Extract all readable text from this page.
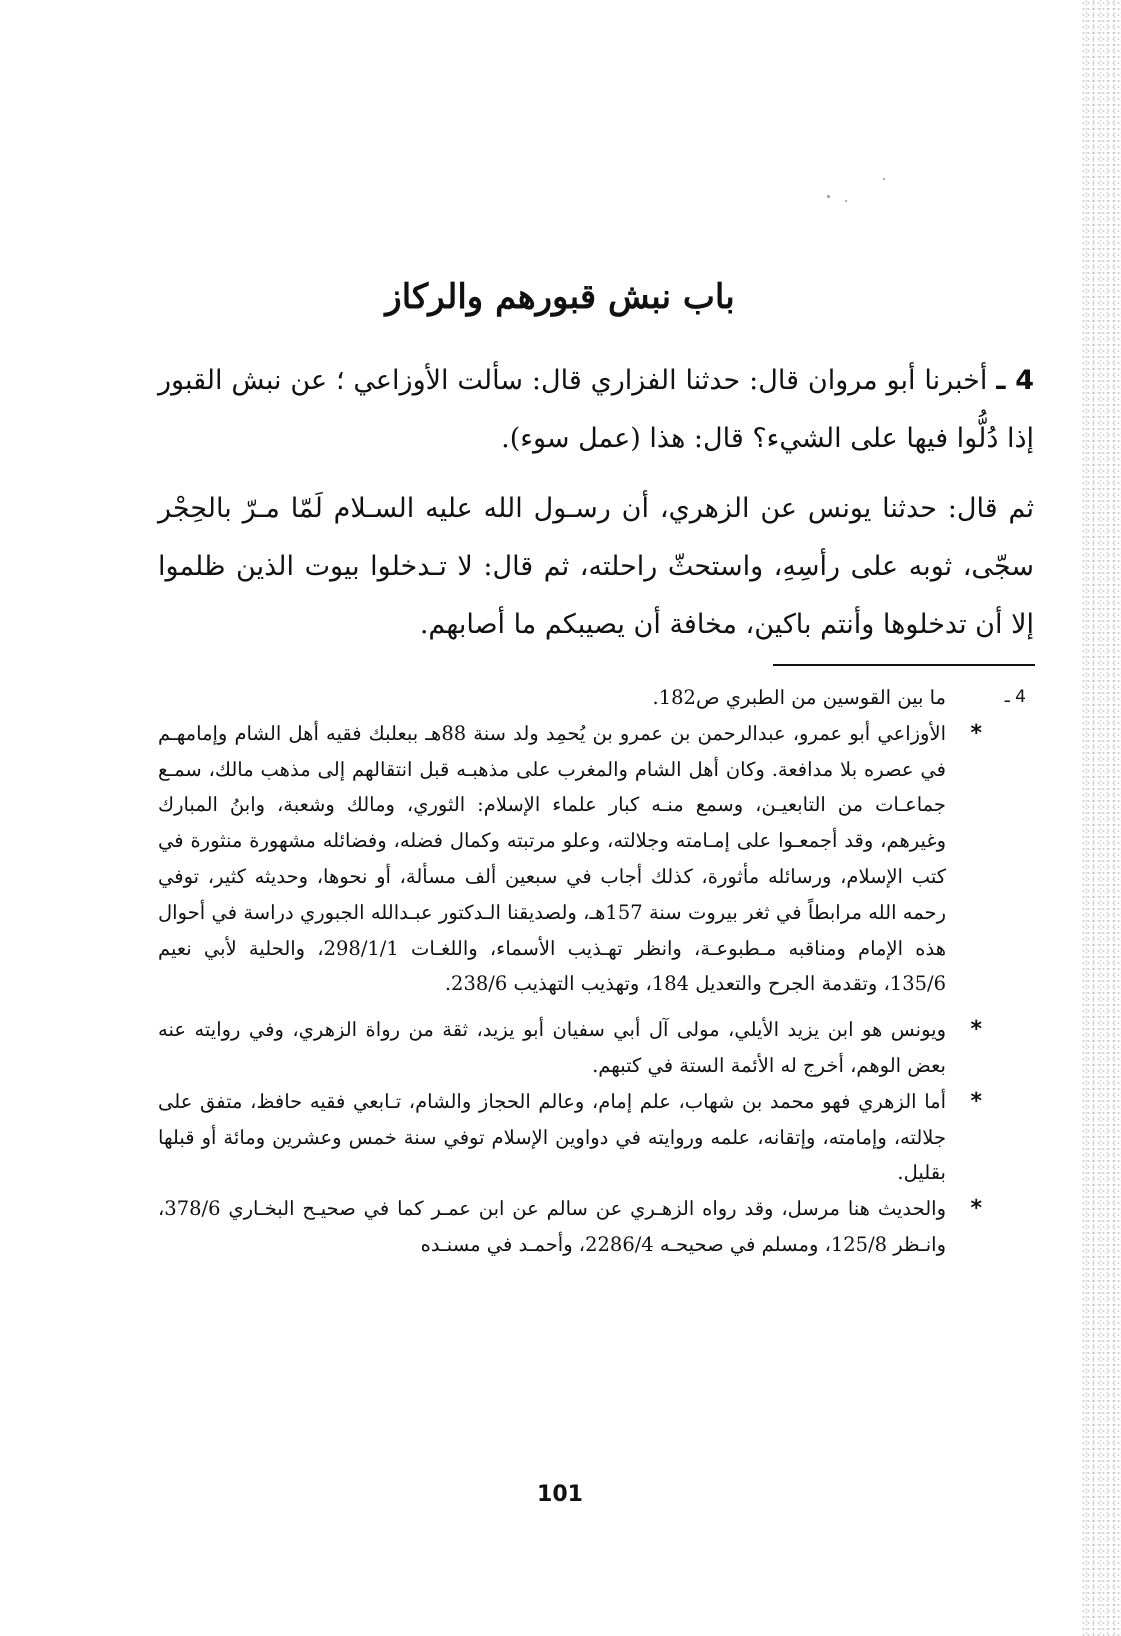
باب نبش قبورهم والركاز

4 ـ أخبرنا أبو مروان قال: حدثنا الفزاري قال: سألت الأوزاعي ؛ عن نبش القبور إذا دُلُّوا فيها على الشيء؟ قال: هذا (عمل سوء).

ثم قال: حدثنا يونس عن الزهري، أن رسـول الله عليه السـلام لَمّا مـرّ بالحِجْر سجّى، ثوبه على رأسِهِ، واستحثّ راحلته، ثم قال: لا تـدخلوا بيوت الذين ظلموا إلا أن تدخلوها وأنتم باكين، مخافة أن يصيبكم ما أصابهم.

4 ـ
ما بين القوسين من الطبري ص182.
*
الأوزاعي أبو عمرو، عبدالرحمن بن عمرو بن يُحمِد ولد سنة 88هـ ببعلبك فقيه أهل الشام وإمامهـم في عصره بلا مدافعة. وكان أهل الشام والمغرب على مذهبـه قبل انتقالهم إلى مذهب مالك، سمـع جماعـات من التابعيـن، وسمع منـه كبار علماء الإسلام: الثوري، ومالك وشعبة، وابنُ المبارك وغيرهم، وقد أجمعـوا على إمـامته وجلالته، وعلو مرتبته وكمال فضله، وفضائله مشهورة منثورة في كتب الإسلام، ورسائله مأثورة، كذلك أجاب في سبعين ألف مسألة، أو نحوها، وحديثه كثير، توفي رحمه الله مرابطاً في ثغر بيروت سنة 157هـ، ولصديقنا الـدكتور عبـدالله الجبوري دراسة في أحوال هذه الإمام ومناقبه مـطبوعـة، وانظر تهـذيب الأسماء، واللغـات 298/1/1، والحلية لأبي نعيم 135/6، وتقدمة الجرح والتعديل 184، وتهذيب التهذيب 238/6.
*
ويونس هو ابن يزيد الأيلي، مولى آل أبي سفيان أبو يزيد، ثقة من رواة الزهري، وفي روايته عنه بعض الوهم، أخرج له الأئمة الستة في كتبهم.
*
أما الزهري فهو محمد بن شهاب، علم إمام، وعالم الحجاز والشام، تـابعي فقيه حافظ، متفق على جلالته، وإمامته، وإتقانه، علمه وروايته في دواوين الإسلام توفي سنة خمس وعشرين ومائة أو قبلها بقليل.
*
والحديث هنا مرسل، وقد رواه الزهـري عن سالم عن ابن عمـر كما في صحيـح البخـاري 378/6، وانـظر 125/8، ومسلم في صحيحـه 2286/4، وأحمـد في مسنـده
101
